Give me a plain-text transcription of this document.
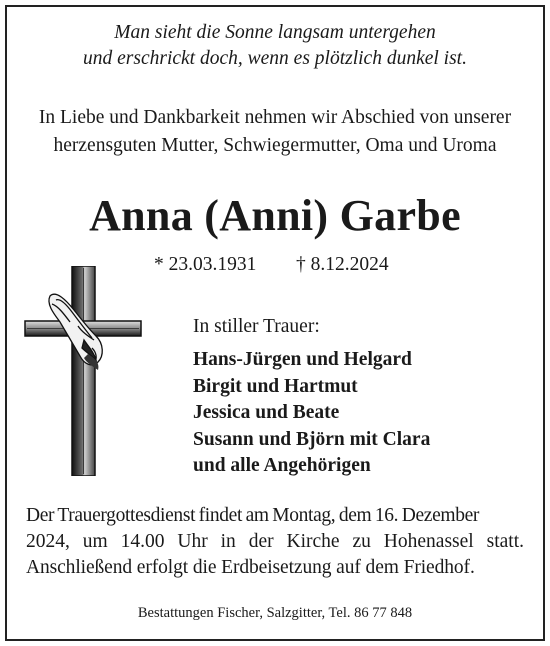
Man sieht die Sonne langsam untergehen
und erschrickt doch, wenn es plötzlich dunkel ist.
In Liebe und Dankbarkeit nehmen wir Abschied von unserer
herzensguten Mutter, Schwiegermutter, Oma und Uroma
Anna (Anni) Garbe
* 23.03.1931 † 8.12.2024
In stiller Trauer:
Hans-Jürgen und Helgard
Birgit und Hartmut
Jessica und Beate
Susann und Björn mit Clara
und alle Angehörigen
Der Trauergottesdienst findet am Montag, dem 16. Dezember
2024, um 14.00 Uhr in der Kirche zu Hohenassel statt.
Anschließend erfolgt die Erdbeisetzung auf dem Friedhof.
Bestattungen Fischer, Salzgitter, Tel. 86 77 848
